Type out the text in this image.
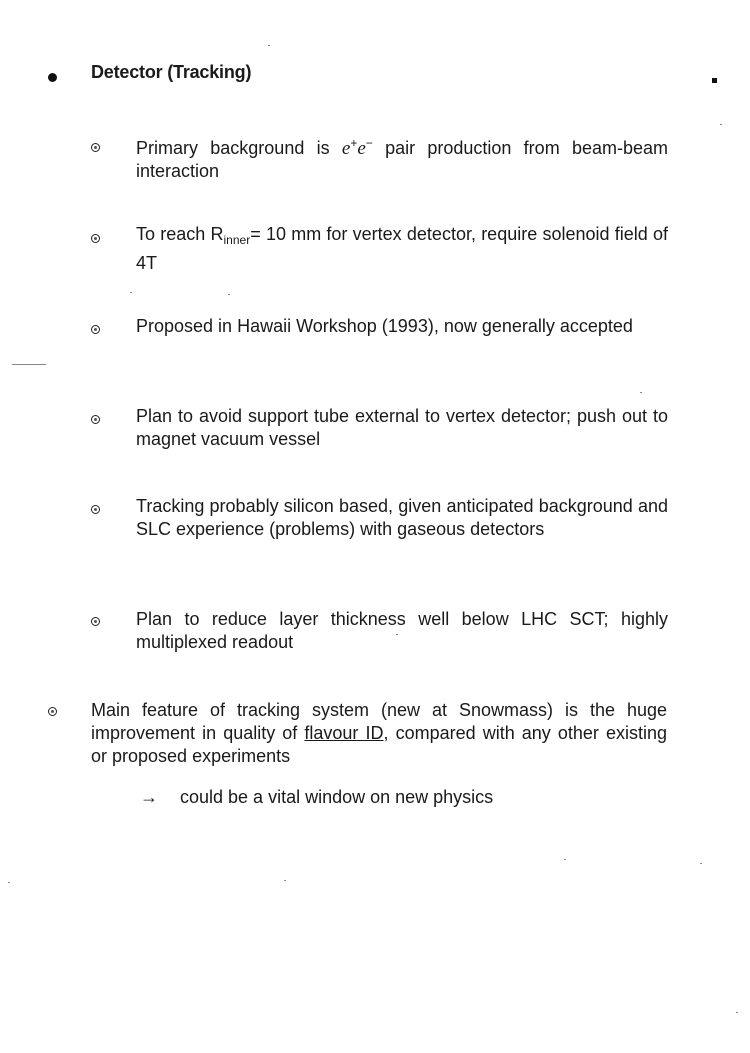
Detector (Tracking)
Primary background is e+e− pair production from beam-beam interaction
To reach $R_{inner}= 10$ mm for vertex detector, require solenoid field of 4T
Proposed in Hawaii Workshop (1993), now generally accepted
Plan to avoid support tube external to vertex detector; push out to magnet vacuum vessel
Tracking probably silicon based, given anticipated background and SLC experience (problems) with gaseous detectors
Plan to reduce layer thickness well below LHC SCT; highly multiplexed readout
Main feature of tracking system (new at Snowmass) is the huge improvement in quality of flavour ID, compared with any other existing or proposed experiments
→ could be a vital window on new physics
